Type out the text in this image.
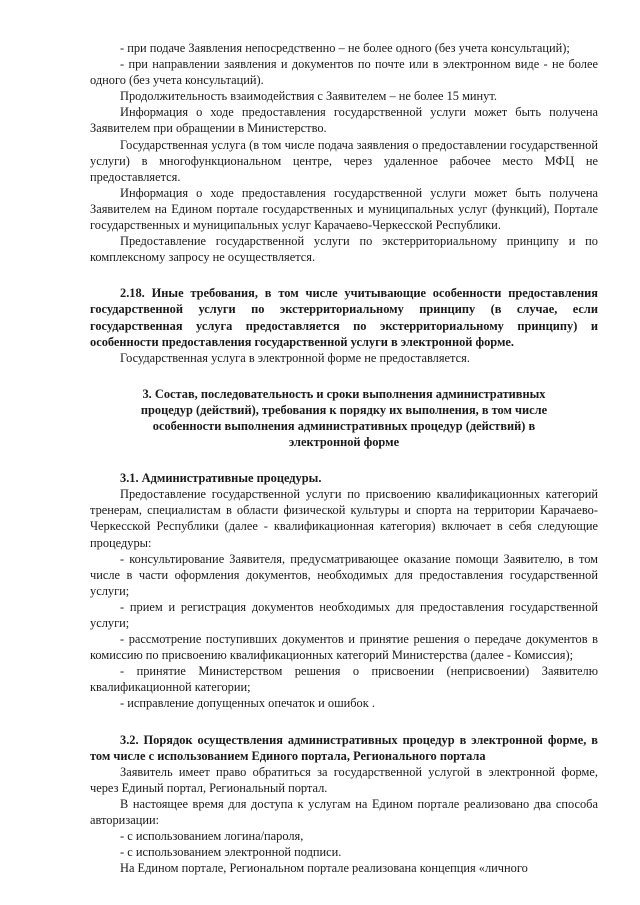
- при подаче Заявления непосредственно – не более одного (без учета консультаций);

- при направлении заявления и документов по почте или в электронном виде - не более одного (без учета консультаций).

Продолжительность взаимодействия с Заявителем – не более 15 минут.

Информация о ходе предоставления государственной услуги может быть получена Заявителем при обращении в Министерство.

Государственная услуга (в том числе подача заявления о предоставлении государственной услуги) в многофункциональном центре, через удаленное рабочее место МФЦ не предоставляется.

Информация о ходе предоставления государственной услуги может быть получена Заявителем на Едином портале государственных и муниципальных услуг (функций), Портале государственных и муниципальных услуг Карачаево-Черкесской Республики.

Предоставление государственной услуги по экстерриториальному принципу и по комплексному запросу не осуществляется.

2.18. Иные требования, в том числе учитывающие особенности предоставления государственной услуги по экстерриториальному принципу (в случае, если государственная услуга предоставляется по экстерриториальному принципу) и особенности предоставления государственной услуги в электронной форме.

Государственная услуга в электронной форме не предоставляется.

3. Состав, последовательность и сроки выполнения административных процедур (действий), требования к порядку их выполнения, в том числе особенности выполнения административных процедур (действий) в электронной форме

3.1. Административные процедуры.

Предоставление государственной услуги по присвоению квалификационных категорий тренерам, специалистам в области физической культуры и спорта на территории Карачаево-Черкесской Республики (далее - квалификационная категория) включает в себя следующие процедуры:

- консультирование Заявителя, предусматривающее оказание помощи Заявителю, в том числе в части оформления документов, необходимых для предоставления государственной услуги;

- прием и регистрация документов необходимых для предоставления государственной услуги;

- рассмотрение поступивших документов и принятие решения о передаче документов в комиссию по присвоению квалификационных категорий Министерства (далее - Комиссия);

- принятие Министерством решения о присвоении (неприсвоении) Заявителю квалификационной категории;

- исправление допущенных опечаток и ошибок .

3.2. Порядок осуществления административных процедур в электронной форме, в том числе с использованием Единого портала, Регионального портала

Заявитель имеет право обратиться за государственной услугой в электронной форме, через Единый портал, Региональный портал.

В настоящее время для доступа к услугам на Едином портале реализовано два способа авторизации:

- с использованием логина/пароля,

- с использованием электронной подписи.

На Едином портале, Региональном портале реализована концепция «личного
